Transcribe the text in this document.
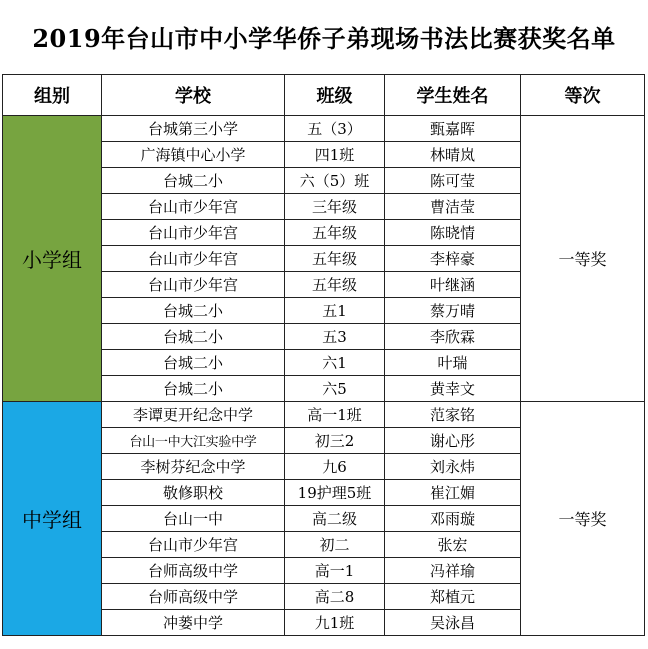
2019年台山市中小学华侨子弟现场书法比赛获奖名单
组别	学校	班级	学生姓名	等次
小学组	台城第三小学	五（3）	甄嘉晖	一等奖
	广海镇中心小学	四1班	林晴岚	
	台城二小	六（5）班	陈可莹	
	台山市少年宫	三年级	曹洁莹	
	台山市少年宫	五年级	陈晓情	
	台山市少年宫	五年级	李梓豪	
	台山市少年宫	五年级	叶继涵	
	台城二小	五1	蔡万晴	
	台城二小	五3	李欣霖	
	台城二小	六1	叶瑞	
	台城二小	六5	黄幸文	
中学组	李谭更开纪念中学	高一1班	范家铭	一等奖
	台山一中大江实验中学	初三2	谢心彤	
	李树芬纪念中学	九6	刘永炜	
	敬修职校	19护理5班	崔江媚	
	台山一中	高二级	邓雨璇	
	台山市少年宫	初二	张宏	
	台师高级中学	高一1	冯祥瑜	
	台师高级中学	高二8	郑植元	
	冲蒌中学	九1班	吴泳昌	
